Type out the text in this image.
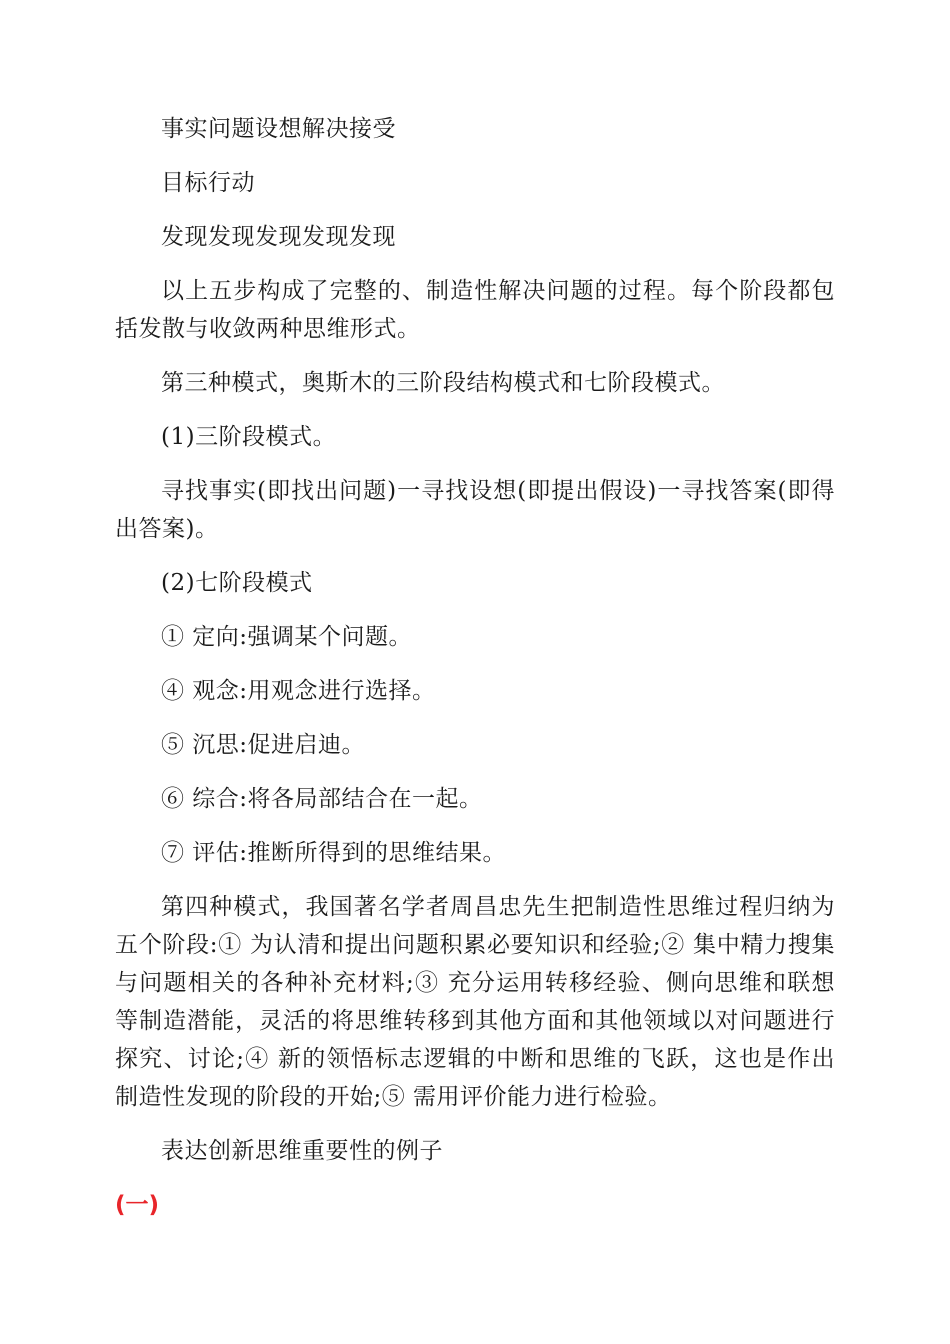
事实问题设想解决接受

目标行动

发现发现发现发现发现

以上五步构成了完整的、制造性解决问题的过程。每个阶段都包括发散与收敛两种思维形式。

第三种模式，奥斯木的三阶段结构模式和七阶段模式。

(1)三阶段模式。

寻找事实(即找出问题)一寻找设想(即提出假设)一寻找答案(即得出答案)。

(2)七阶段模式

① 定向:强调某个问题。

④ 观念:用观念进行选择。

⑤ 沉思:促进启迪。

⑥ 综合:将各局部结合在一起。

⑦ 评估:推断所得到的思维结果。

第四种模式，我国著名学者周昌忠先生把制造性思维过程归纳为五个阶段:① 为认清和提出问题积累必要知识和经验;② 集中精力搜集与问题相关的各种补充材料;③ 充分运用转移经验、侧向思维和联想等制造潜能，灵活的将思维转移到其他方面和其他领域以对问题进行探究、讨论;④ 新的领悟标志逻辑的中断和思维的飞跃，这也是作出制造性发现的阶段的开始;⑤ 需用评价能力进行检验。

表达创新思维重要性的例子

(一)
